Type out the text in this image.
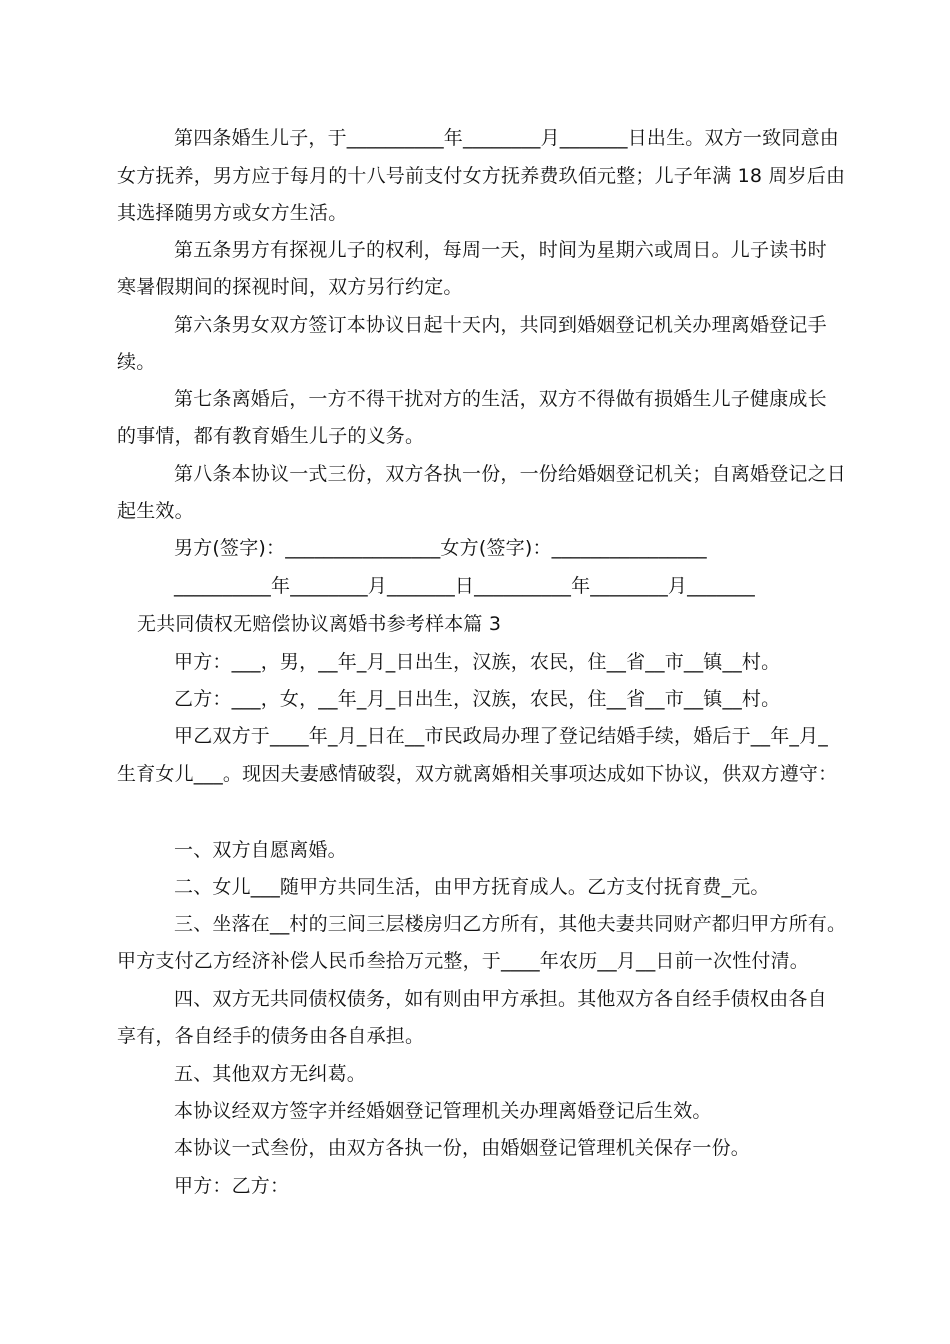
第四条婚生儿子，于__________年________月_______日出生。双方一致同意由
女方抚养，男方应于每月的十八号前支付女方抚养费玖佰元整；儿子年满 18 周岁后由
其选择随男方或女方生活。
第五条男方有探视儿子的权利，每周一天，时间为星期六或周日。儿子读书时
寒暑假期间的探视时间，双方另行约定。
第六条男女双方签订本协议日起十天内，共同到婚姻登记机关办理离婚登记手
续。
第七条离婚后，一方不得干扰对方的生活，双方不得做有损婚生儿子健康成长
的事情，都有教育婚生儿子的义务。
第八条本协议一式三份，双方各执一份，一份给婚姻登记机关；自离婚登记之日
起生效。
男方(签字)：________________女方(签字)：________________
__________年________月_______日__________年________月_______
无共同债权无赔偿协议离婚书参考样本篇 3
甲方：___，男，__年_月_日出生，汉族，农民，住__省__市__镇__村。
乙方：___，女，__年_月_日出生，汉族，农民，住__省__市__镇__村。
甲乙双方于____年_月_日在__市民政局办理了登记结婚手续，婚后于__年_月_
生育女儿___。现因夫妻感情破裂，双方就离婚相关事项达成如下协议，供双方遵守：
一、双方自愿离婚。
二、女儿___随甲方共同生活，由甲方抚育成人。乙方支付抚育费_元。
三、坐落在__村的三间三层楼房归乙方所有，其他夫妻共同财产都归甲方所有。
甲方支付乙方经济补偿人民币叁拾万元整，于____年农历__月__日前一次性付清。
四、双方无共同债权债务，如有则由甲方承担。其他双方各自经手债权由各自
享有，各自经手的债务由各自承担。
五、其他双方无纠葛。
本协议经双方签字并经婚姻登记管理机关办理离婚登记后生效。
本协议一式叁份，由双方各执一份，由婚姻登记管理机关保存一份。
甲方：乙方：
